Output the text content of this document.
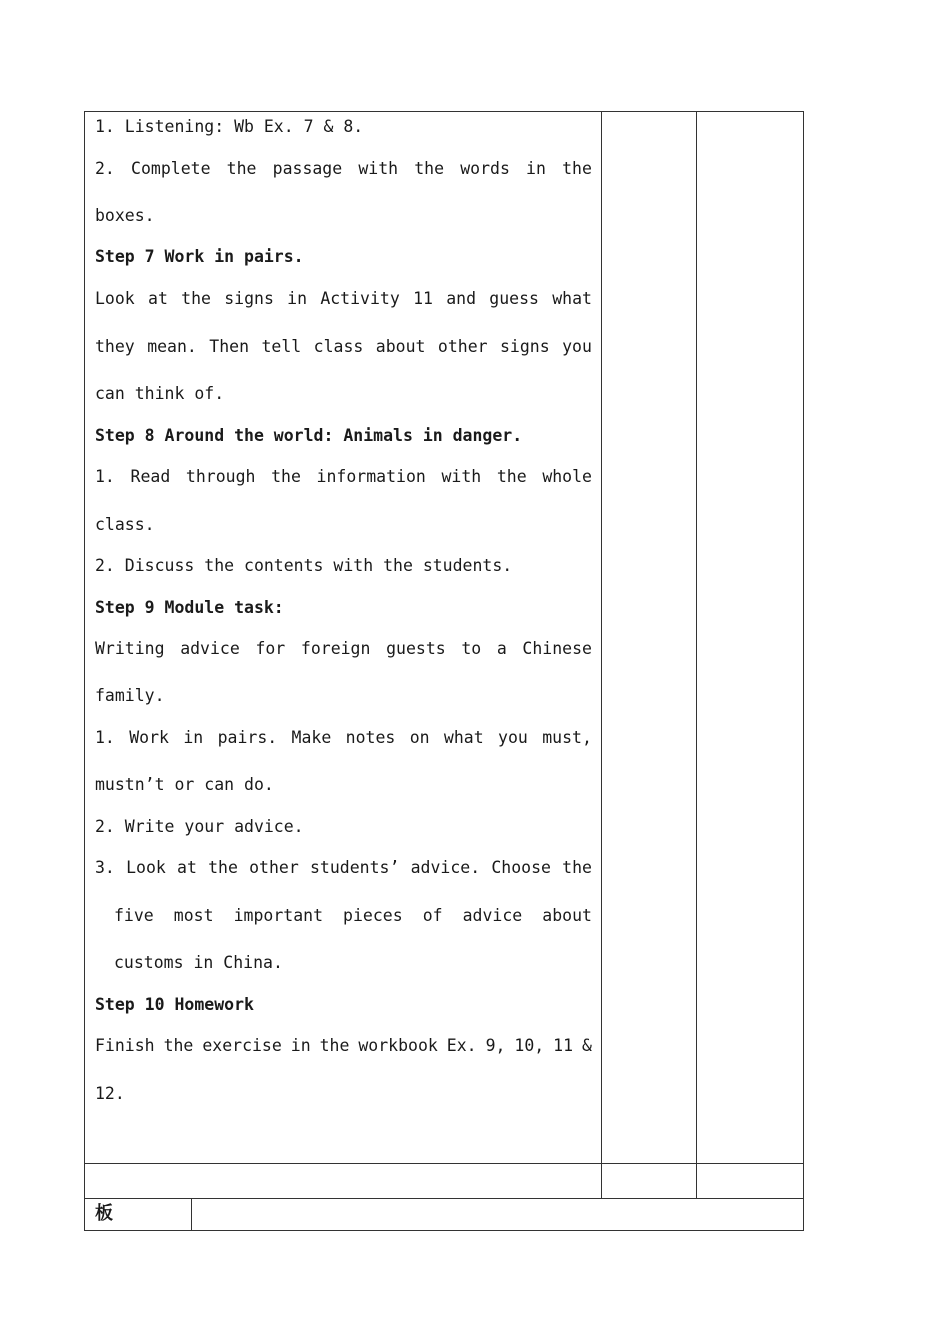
1. Listening: Wb Ex. 7 & 8.
2. Complete the passage with the words in the
boxes.
Step 7 Work in pairs.
Look at the signs in Activity 11 and guess what
they mean. Then tell class about other signs you
can think of.
Step 8 Around the world: Animals in danger.
1. Read through the information with the whole
class.
2. Discuss the contents with the students.
Step 9 Module task:
Writing advice for foreign guests to a Chinese
family.
1. Work in pairs. Make notes on what you must,
mustn’t or can do.
2. Write your advice.
3. Look at the other students’ advice. Choose the
five most important pieces of advice about
customs in China.
Step 10 Homework
Finish the exercise in the workbook Ex. 9, 10, 11 &
12.
板
